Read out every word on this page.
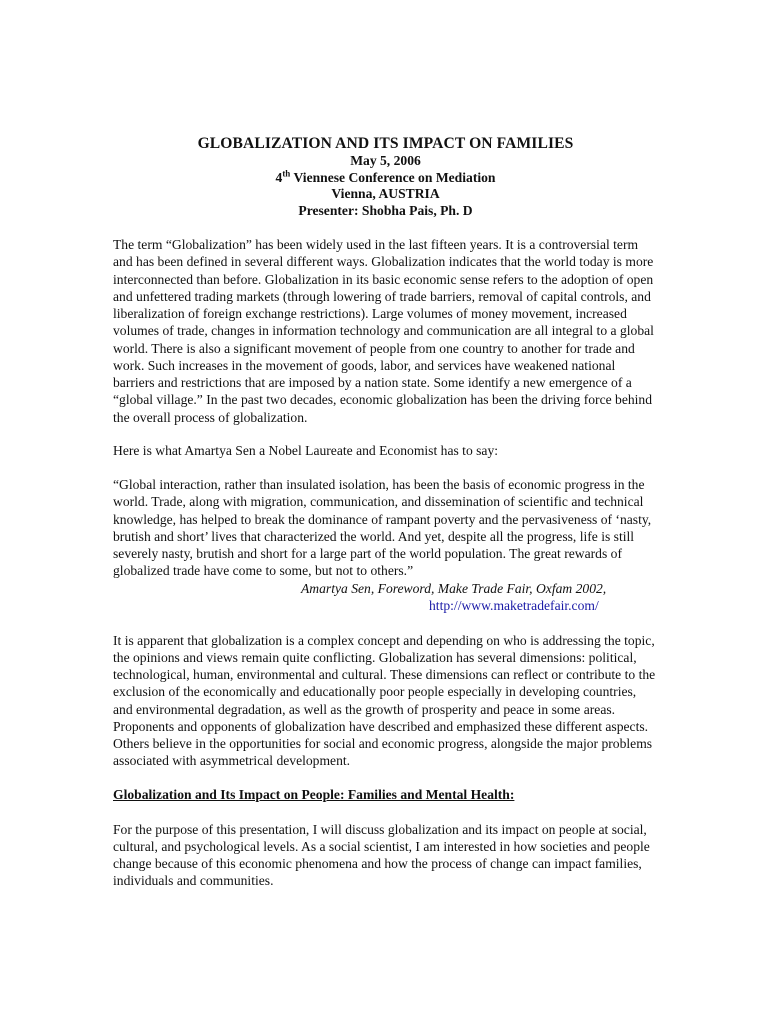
GLOBALIZATION AND ITS IMPACT ON FAMILIES
May 5, 2006
4th Viennese Conference on Mediation
Vienna, AUSTRIA
Presenter: Shobha Pais, Ph. D

The term “Globalization” has been widely used in the last fifteen years. It is a controversial term and has been defined in several different ways. Globalization indicates that the world today is more interconnected than before. Globalization in its basic economic sense refers to the adoption of open and unfettered trading markets (through lowering of trade barriers, removal of capital controls, and liberalization of foreign exchange restrictions). Large volumes of money movement, increased volumes of trade, changes in information technology and communication are all integral to a global world. There is also a significant movement of people from one country to another for trade and work. Such increases in the movement of goods, labor, and services have weakened national barriers and restrictions that are imposed by a nation state. Some identify a new emergence of a “global village.” In the past two decades, economic globalization has been the driving force behind the overall process of globalization.

Here is what Amartya Sen a Nobel Laureate and Economist has to say:

“Global interaction, rather than insulated isolation, has been the basis of economic progress in the world. Trade, along with migration, communication, and dissemination of scientific and technical knowledge, has helped to break the dominance of rampant poverty and the pervasiveness of ‘nasty, brutish and short’ lives that characterized the world. And yet, despite all the progress, life is still severely nasty, brutish and short for a large part of the world population. The great rewards of globalized trade have come to some, but not to others.”

Amartya Sen, Foreword, Make Trade Fair, Oxfam 2002,
http://www.maketradefair.com/

It is apparent that globalization is a complex concept and depending on who is addressing the topic, the opinions and views remain quite conflicting. Globalization has several dimensions: political, technological, human, environmental and cultural. These dimensions can reflect or contribute to the exclusion of the economically and educationally poor people especially in developing countries, and environmental degradation, as well as the growth of prosperity and peace in some areas. Proponents and opponents of globalization have described and emphasized these different aspects. Others believe in the opportunities for social and economic progress, alongside the major problems associated with asymmetrical development.

Globalization and Its Impact on People: Families and Mental Health:

For the purpose of this presentation, I will discuss globalization and its impact on people at social, cultural, and psychological levels. As a social scientist, I am interested in how societies and people change because of this economic phenomena and how the process of change can impact families, individuals and communities.
